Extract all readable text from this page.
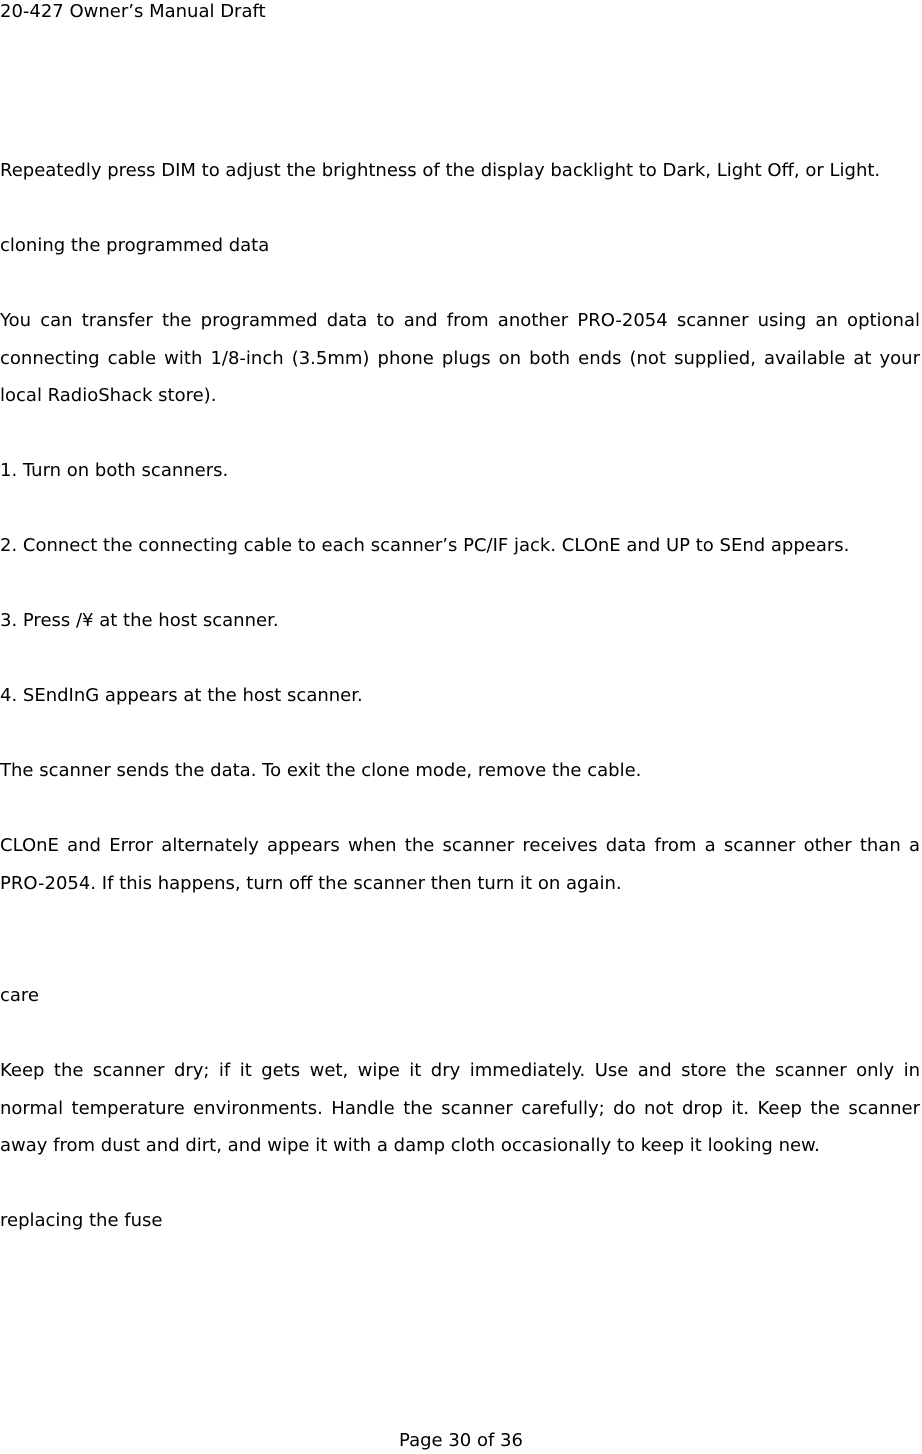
20-427 Owner’s Manual Draft

Repeatedly press DIM to adjust the brightness of the display backlight to Dark, Light Off, or Light.

cloning the programmed data

You can transfer the programmed data to and from another PRO-2054 scanner using an optional connecting cable with 1/8-inch (3.5mm) phone plugs on both ends (not supplied, available at your local RadioShack store).

1. Turn on both scanners.

2. Connect the connecting cable to each scanner’s PC/IF jack. CLOnE and UP to SEnd appears.

3. Press /¥ at the host scanner.

4. SEndInG appears at the host scanner.

The scanner sends the data. To exit the clone mode, remove the cable.

CLOnE and Error alternately appears when the scanner receives data from a scanner other than a PRO-2054. If this happens, turn off the scanner then turn it on again.

care

Keep the scanner dry; if it gets wet, wipe it dry immediately. Use and store the scanner only in normal temperature environments. Handle the scanner carefully; do not drop it. Keep the scanner away from dust and dirt, and wipe it with a damp cloth occasionally to keep it looking new.

replacing the fuse

Page 30 of 36
